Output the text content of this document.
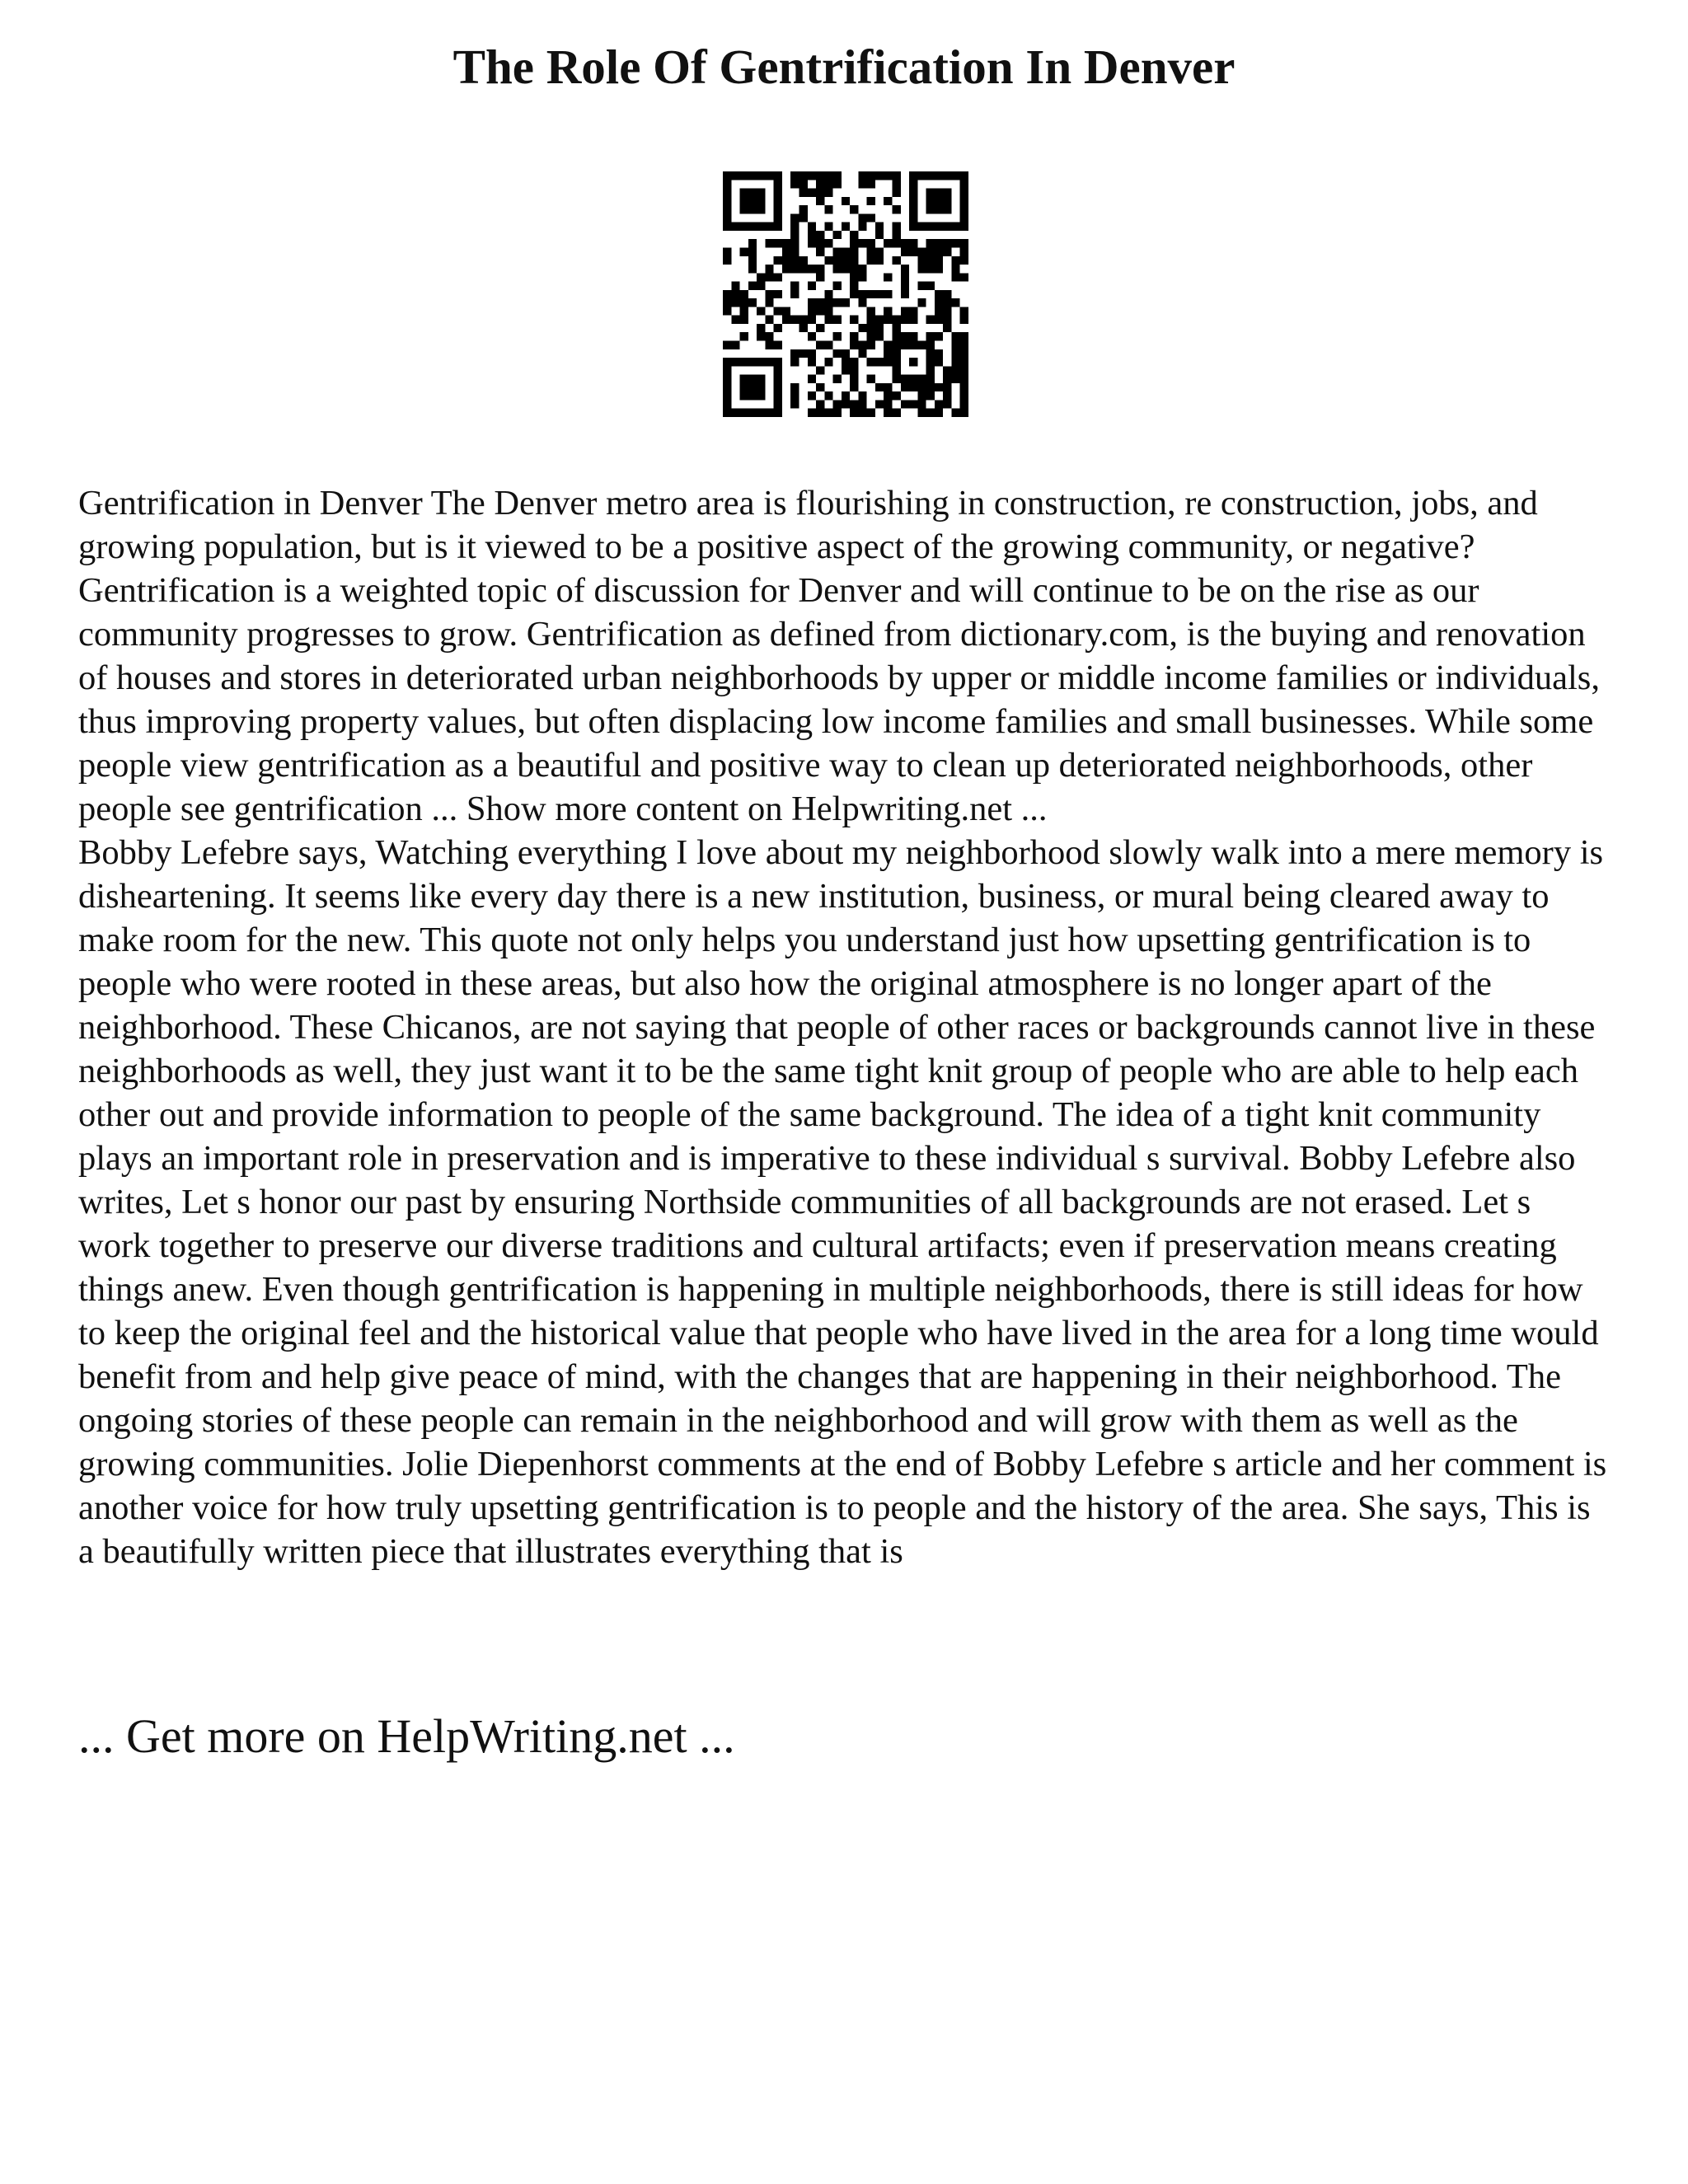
The Role Of Gentrification In Denver

Gentrification in Denver The Denver metro area is flourishing in construction, re construction, jobs, and growing population, but is it viewed to be a positive aspect of the growing community, or negative? Gentrification is a weighted topic of discussion for Denver and will continue to be on the rise as our community progresses to grow. Gentrification as defined from dictionary.com, is the buying and renovation of houses and stores in deteriorated urban neighborhoods by upper or middle income families or individuals, thus improving property values, but often displacing low income families and small businesses. While some people view gentrification as a beautiful and positive way to clean up deteriorated neighborhoods, other people see gentrification ... Show more content on Helpwriting.net ...

Bobby Lefebre says, Watching everything I love about my neighborhood slowly walk into a mere memory is disheartening. It seems like every day there is a new institution, business, or mural being cleared away to make room for the new. This quote not only helps you understand just how upsetting gentrification is to people who were rooted in these areas, but also how the original atmosphere is no longer apart of the neighborhood. These Chicanos, are not saying that people of other races or backgrounds cannot live in these neighborhoods as well, they just want it to be the same tight knit group of people who are able to help each other out and provide information to people of the same background. The idea of a tight knit community plays an important role in preservation and is imperative to these individual s survival. Bobby Lefebre also writes, Let s honor our past by ensuring Northside communities of all backgrounds are not erased. Let s work together to preserve our diverse traditions and cultural artifacts; even if preservation means creating things anew. Even though gentrification is happening in multiple neighborhoods, there is still ideas for how to keep the original feel and the historical value that people who have lived in the area for a long time would benefit from and help give peace of mind, with the changes that are happening in their neighborhood. The ongoing stories of these people can remain in the neighborhood and will grow with them as well as the growing communities. Jolie Diepenhorst comments at the end of Bobby Lefebre s article and her comment is another voice for how truly upsetting gentrification is to people and the history of the area. She says, This is a beautifully written piece that illustrates everything that is

... Get more on HelpWriting.net ...
